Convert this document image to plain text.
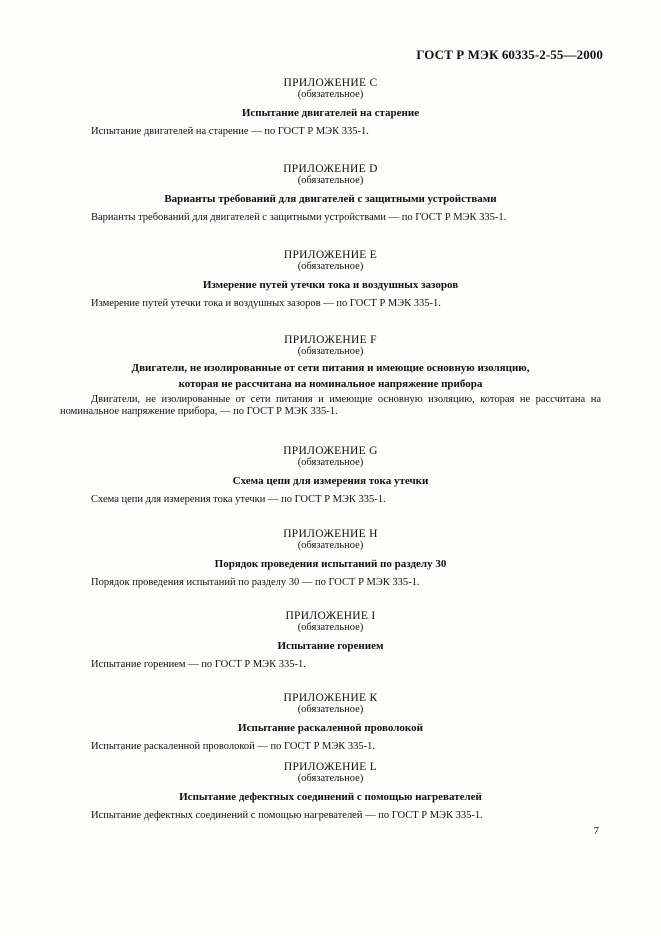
ГОСТ Р МЭК 60335-2-55—2000
ПРИЛОЖЕНИЕ С
(обязательное)
Испытание двигателей на старение
Испытание двигателей на старение — по ГОСТ Р МЭК 335-1.
ПРИЛОЖЕНИЕ D
(обязательное)
Варианты требований для двигателей с защитными устройствами
Варианты требований для двигателей с защитными устройствами — по ГОСТ Р МЭК 335-1.
ПРИЛОЖЕНИЕ Е
(обязательное)
Измерение путей утечки тока и воздушных зазоров
Измерение путей утечки тока и воздушных зазоров — по ГОСТ Р МЭК 335-1.
ПРИЛОЖЕНИЕ F
(обязательное)
Двигатели, не изолированные от сети питания и имеющие основную изоляцию,
которая не рассчитана на номинальное напряжение прибора
Двигатели, не изолированные от сети питания и имеющие основную изоляцию, которая не рассчитана на номинальное напряжение прибора, — по ГОСТ Р МЭК 335-1.
ПРИЛОЖЕНИЕ G
(обязательное)
Схема цепи для измерения тока утечки
Схема цепи для измерения тока утечки — по ГОСТ Р МЭК 335-1.
ПРИЛОЖЕНИЕ Н
(обязательное)
Порядок проведения испытаний по разделу 30
Порядок проведения испытаний по разделу 30 — по ГОСТ Р МЭК 335-1.
ПРИЛОЖЕНИЕ I
(обязательное)
Испытание горением
Испытание горением — по ГОСТ Р МЭК 335-1.
ПРИЛОЖЕНИЕ К
(обязательное)
Испытание раскаленной проволокой
Испытание раскаленной проволокой — по ГОСТ Р МЭК 335-1.
ПРИЛОЖЕНИЕ L
(обязательное)
Испытание дефектных соединений с помощью нагревателей
Испытание дефектных соединений с помощью нагревателей — по ГОСТ Р МЭК 335-1.
7
